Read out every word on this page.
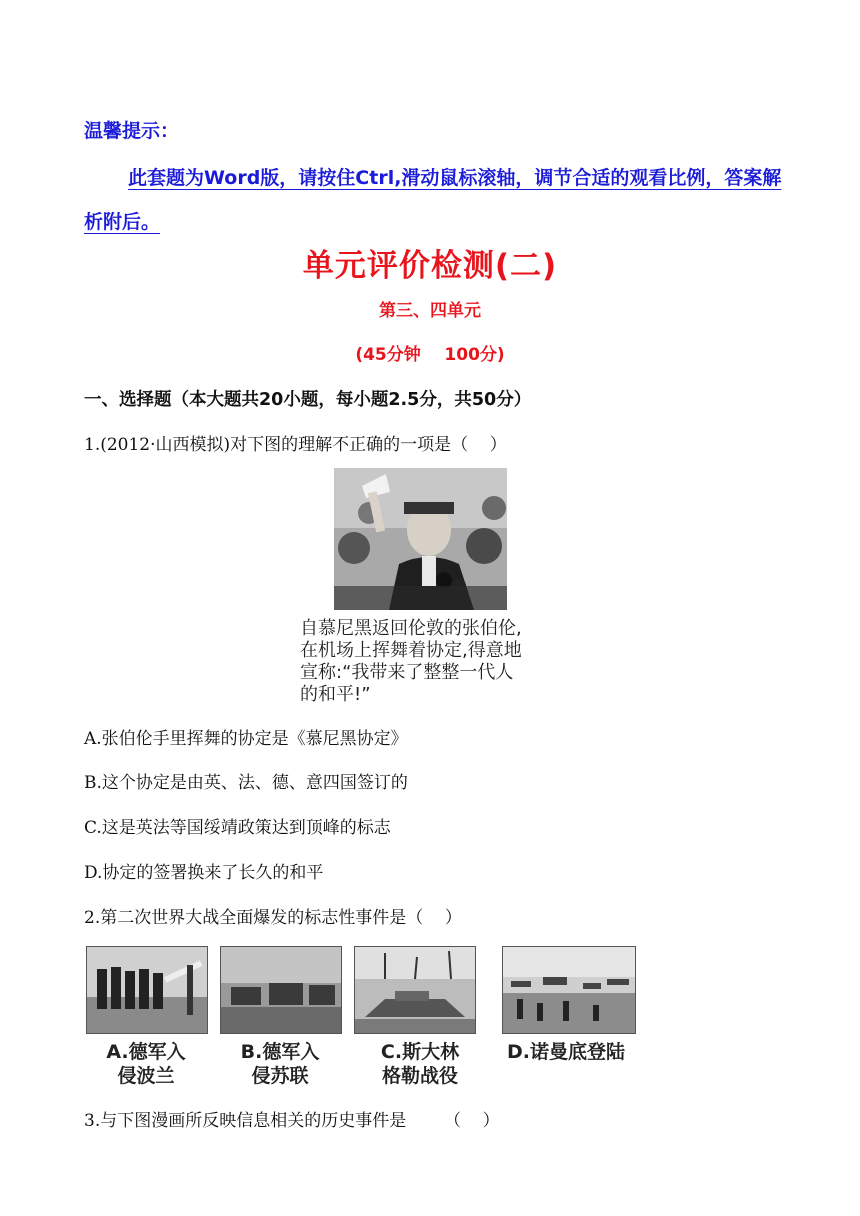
温馨提示：
此套题为Word版，请按住Ctrl,滑动鼠标滚轴，调节合适的观看比例，答案解析附后。
单元评价检测(二)
第三、四单元
(45分钟    100分)
一、选择题（本大题共20小题，每小题2.5分，共50分）
1.(2012·山西模拟)对下图的理解不正确的一项是（    ）
自慕尼黑返回伦敦的张伯伦,
在机场上挥舞着协定,得意地
宣称:“我带来了整整一代人
的和平!”
A.张伯伦手里挥舞的协定是《慕尼黑协定》
B.这个协定是由英、法、德、意四国签订的
C.这是英法等国绥靖政策达到顶峰的标志
D.协定的签署换来了长久的和平
2.第二次世界大战全面爆发的标志性事件是（    ）
A.德军入
侵波兰
B.德军入
侵苏联
C.斯大林
格勒战役
D.诺曼底登陆
3.与下图漫画所反映信息相关的历史事件是       （    ）
